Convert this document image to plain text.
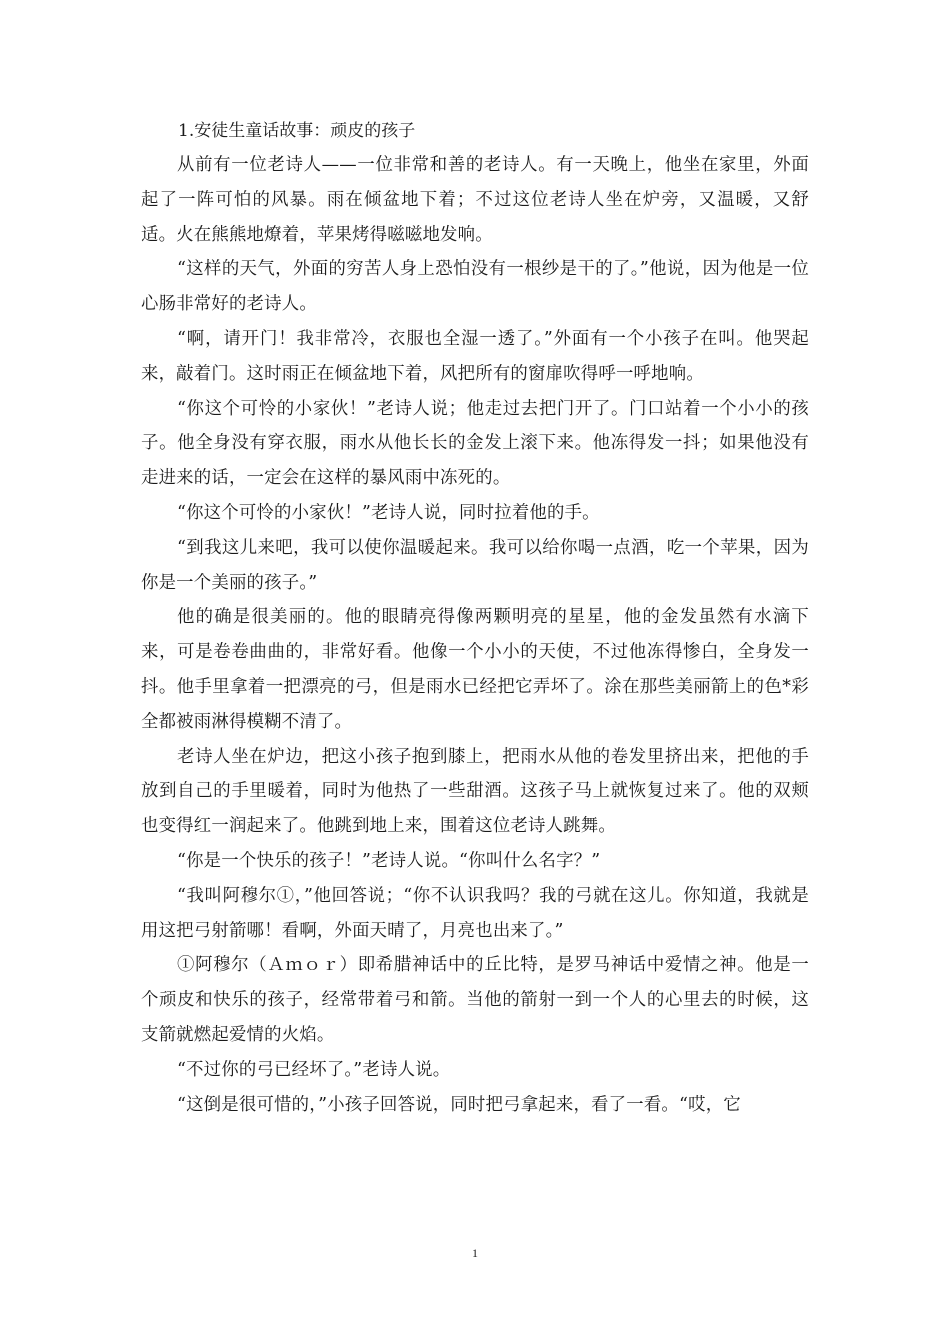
1.安徒生童话故事：顽皮的孩子

从前有一位老诗人——一位非常和善的老诗人。有一天晚上，他坐在家里，外面起了一阵可怕的风暴。雨在倾盆地下着；不过这位老诗人坐在炉旁，又温暖，又舒适。火在熊熊地燎着，苹果烤得嗞嗞地发响。

“这样的天气，外面的穷苦人身上恐怕没有一根纱是干的了。”他说，因为他是一位心肠非常好的老诗人。

“啊，请开门！我非常冷，衣服也全湿一透了。”外面有一个小孩子在叫。他哭起来，敲着门。这时雨正在倾盆地下着，风把所有的窗扉吹得呼一呼地响。

“你这个可怜的小家伙！”老诗人说；他走过去把门开了。门口站着一个小小的孩子。他全身没有穿衣服，雨水从他长长的金发上滚下来。他冻得发一抖；如果他没有走进来的话，一定会在这样的暴风雨中冻死的。

“你这个可怜的小家伙！”老诗人说，同时拉着他的手。

“到我这儿来吧，我可以使你温暖起来。我可以给你喝一点酒，吃一个苹果，因为你是一个美丽的孩子。”

他的确是很美丽的。他的眼睛亮得像两颗明亮的星星，他的金发虽然有水滴下来，可是卷卷曲曲的，非常好看。他像一个小小的天使，不过他冻得惨白，全身发一抖。他手里拿着一把漂亮的弓，但是雨水已经把它弄坏了。涂在那些美丽箭上的色*彩全都被雨淋得模糊不清了。

老诗人坐在炉边，把这小孩子抱到膝上，把雨水从他的卷发里挤出来，把他的手放到自己的手里暖着，同时为他热了一些甜酒。这孩子马上就恢复过来了。他的双颊也变得红一润起来了。他跳到地上来，围着这位老诗人跳舞。

“你是一个快乐的孩子！”老诗人说。“你叫什么名字？”

“我叫阿穆尔①，”他回答说；“你不认识我吗？我的弓就在这儿。你知道，我就是用这把弓射箭哪！看啊，外面天晴了，月亮也出来了。”

①阿穆尔（Ａｍｏｒ）即希腊神话中的丘比特，是罗马神话中爱情之神。他是一个顽皮和快乐的孩子，经常带着弓和箭。当他的箭射一到一个人的心里去的时候，这支箭就燃起爱情的火焰。

“不过你的弓已经坏了。”老诗人说。

“这倒是很可惜的，”小孩子回答说，同时把弓拿起来，看了一看。“哎，它

1
